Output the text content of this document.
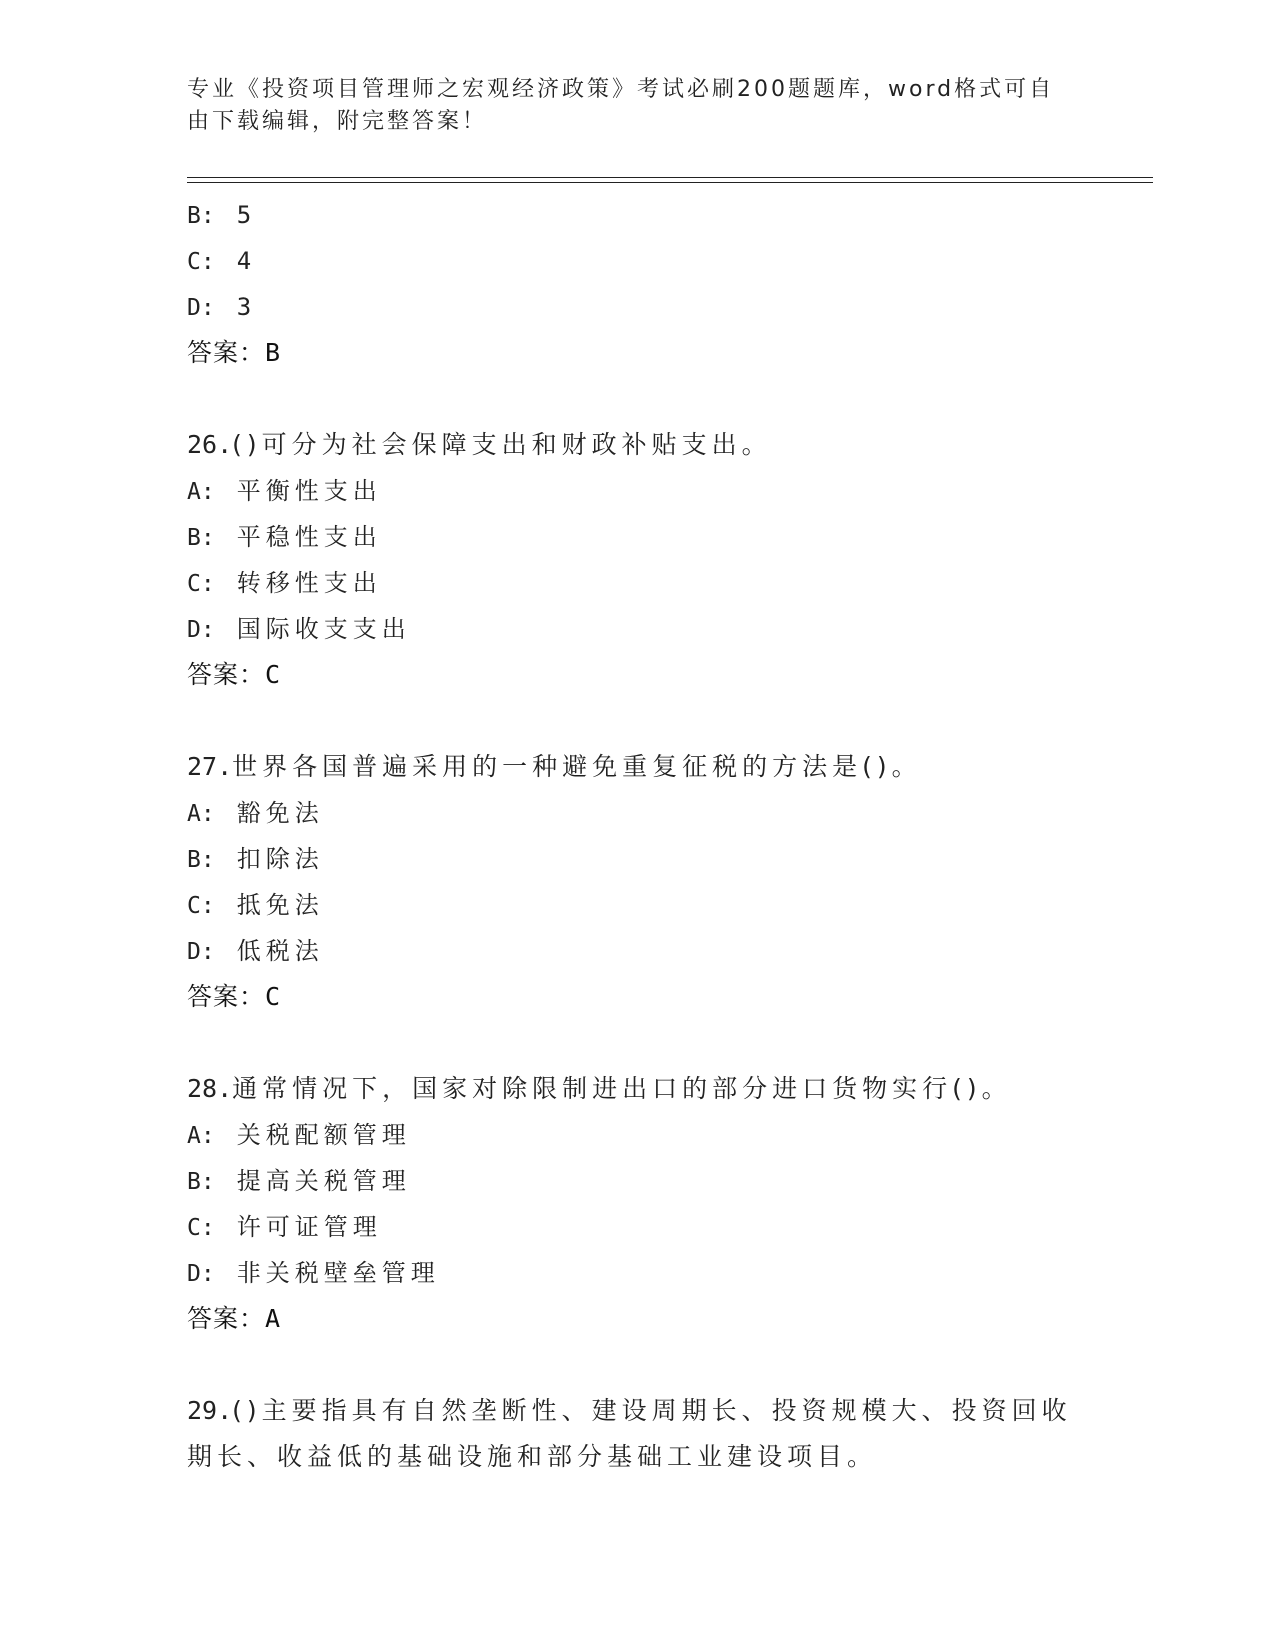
专业《投资项目管理师之宏观经济政策》考试必刷200题题库，word格式可自由下载编辑，附完整答案！
B: 5
C: 4
D: 3
答案：B
26.()可分为社会保障支出和财政补贴支出。
A: 平衡性支出
B: 平稳性支出
C: 转移性支出
D: 国际收支支出
答案：C
27.世界各国普遍采用的一种避免重复征税的方法是()。
A: 豁免法
B: 扣除法
C: 抵免法
D: 低税法
答案：C
28.通常情况下，国家对除限制进出口的部分进口货物实行()。
A: 关税配额管理
B: 提高关税管理
C: 许可证管理
D: 非关税壁垒管理
答案：A
29.()主要指具有自然垄断性、建设周期长、投资规模大、投资回收期长、收益低的基础设施和部分基础工业建设项目。
